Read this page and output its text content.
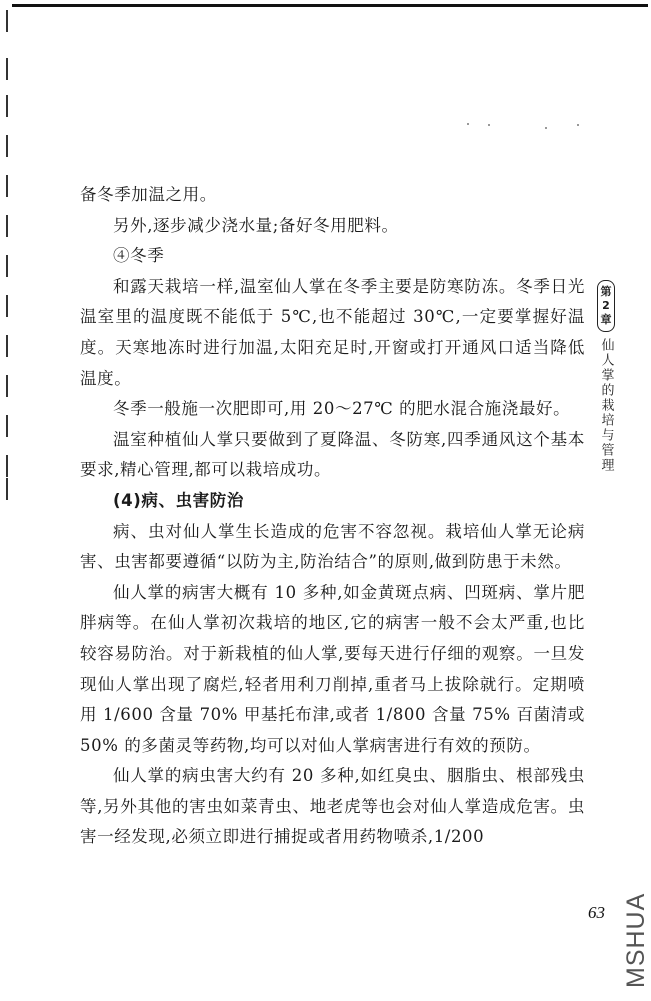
备冬季加温之用。

另外,逐步减少浇水量;备好冬用肥料。

④冬季

和露天栽培一样,温室仙人掌在冬季主要是防寒防冻。冬季日光温室里的温度既不能低于 5℃,也不能超过 30℃,一定要掌握好温度。天寒地冻时进行加温,太阳充足时,开窗或打开通风口适当降低温度。

冬季一般施一次肥即可,用 20～27℃ 的肥水混合施浇最好。

温室种植仙人掌只要做到了夏降温、冬防寒,四季通风这个基本要求,精心管理,都可以栽培成功。

(4)病、虫害防治

病、虫对仙人掌生长造成的危害不容忽视。栽培仙人掌无论病害、虫害都要遵循“以防为主,防治结合”的原则,做到防患于未然。

仙人掌的病害大概有 10 多种,如金黄斑点病、凹斑病、掌片肥胖病等。在仙人掌初次栽培的地区,它的病害一般不会太严重,也比较容易防治。对于新栽植的仙人掌,要每天进行仔细的观察。一旦发现仙人掌出现了腐烂,轻者用利刀削掉,重者马上拔除就行。定期喷用 1/600 含量 70% 甲基托布津,或者 1/800 含量 75% 百菌清或 50% 的多菌灵等药物,均可以对仙人掌病害进行有效的预防。

仙人掌的病虫害大约有 20 多种,如红臭虫、胭脂虫、根部残虫等,另外其他的害虫如菜青虫、地老虎等也会对仙人掌造成危害。虫害一经发现,必须立即进行捕捉或者用药物喷杀,1/200

第
2
章
仙人掌的栽培与管理
63 MSHUA
